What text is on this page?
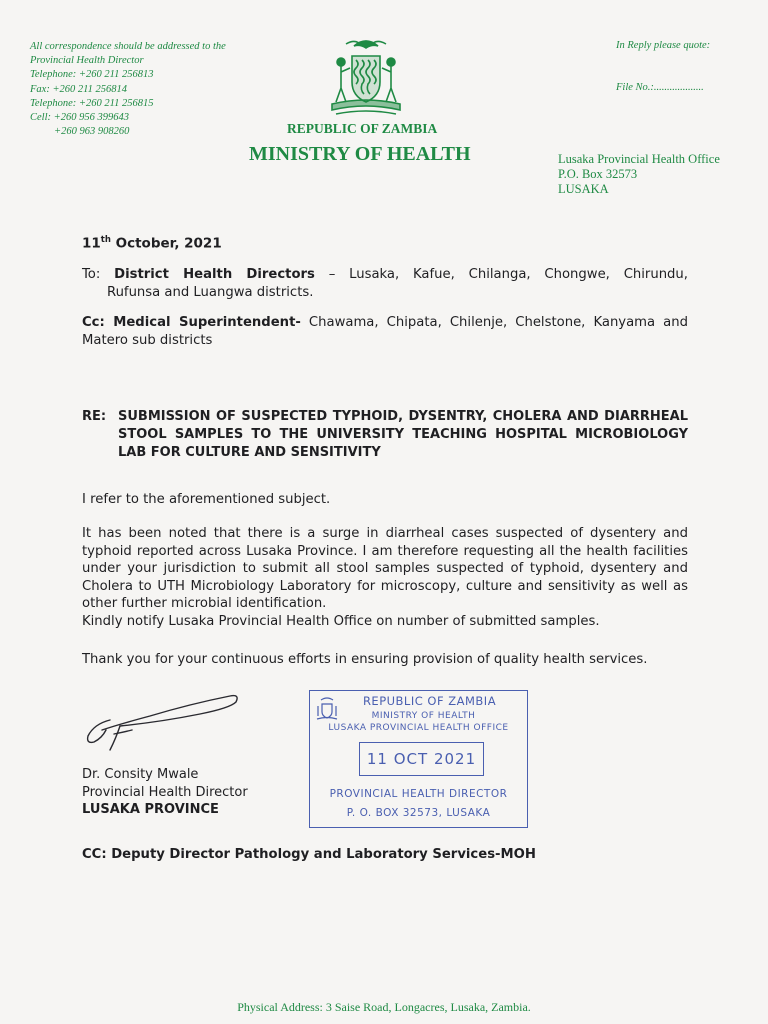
All correspondence should be addressed to the
Provincial Health Director
Telephone: +260 211 256813
Fax: +260 211 256814
Telephone: +260 211 256815
Cell: +260 956 399643
+260 963 908260
In Reply please quote:
File No.:...................
REPUBLIC OF ZAMBIA
MINISTRY OF HEALTH	Lusaka Provincial Health Office
P.O. Box 32573
LUSAKA
11th October, 2021
To: District Health Directors – Lusaka, Kafue, Chilanga, Chongwe, Chirundu,
Rufunsa and Luangwa districts.
Cc: Medical Superintendent- Chawama, Chipata, Chilenje, Chelstone, Kanyama and Matero sub districts
RE: SUBMISSION OF SUSPECTED TYPHOID, DYSENTRY, CHOLERA AND DIARRHEAL STOOL SAMPLES TO THE UNIVERSITY TEACHING HOSPITAL MICROBIOLOGY LAB FOR CULTURE AND SENSITIVITY
I refer to the aforementioned subject.
It has been noted that there is a surge in diarrheal cases suspected of dysentery and typhoid reported across Lusaka Province. I am therefore requesting all the health facilities under your jurisdiction to submit all stool samples suspected of typhoid, dysentery and Cholera to UTH Microbiology Laboratory for microscopy, culture and sensitivity as well as other further microbial identification.
Kindly notify Lusaka Provincial Health Office on number of submitted samples.
Thank you for your continuous efforts in ensuring provision of quality health services.
Dr. Consity Mwale
Provincial Health Director
LUSAKA PROVINCE
REPUBLIC OF ZAMBIA
MINISTRY OF HEALTH
LUSAKA PROVINCIAL HEALTH OFFICE
11 OCT 2021
PROVINCIAL HEALTH DIRECTOR
P. O. BOX 32573, LUSAKA
CC: Deputy Director Pathology and Laboratory Services-MOH
Physical Address: 3 Saise Road, Longacres, Lusaka, Zambia.
